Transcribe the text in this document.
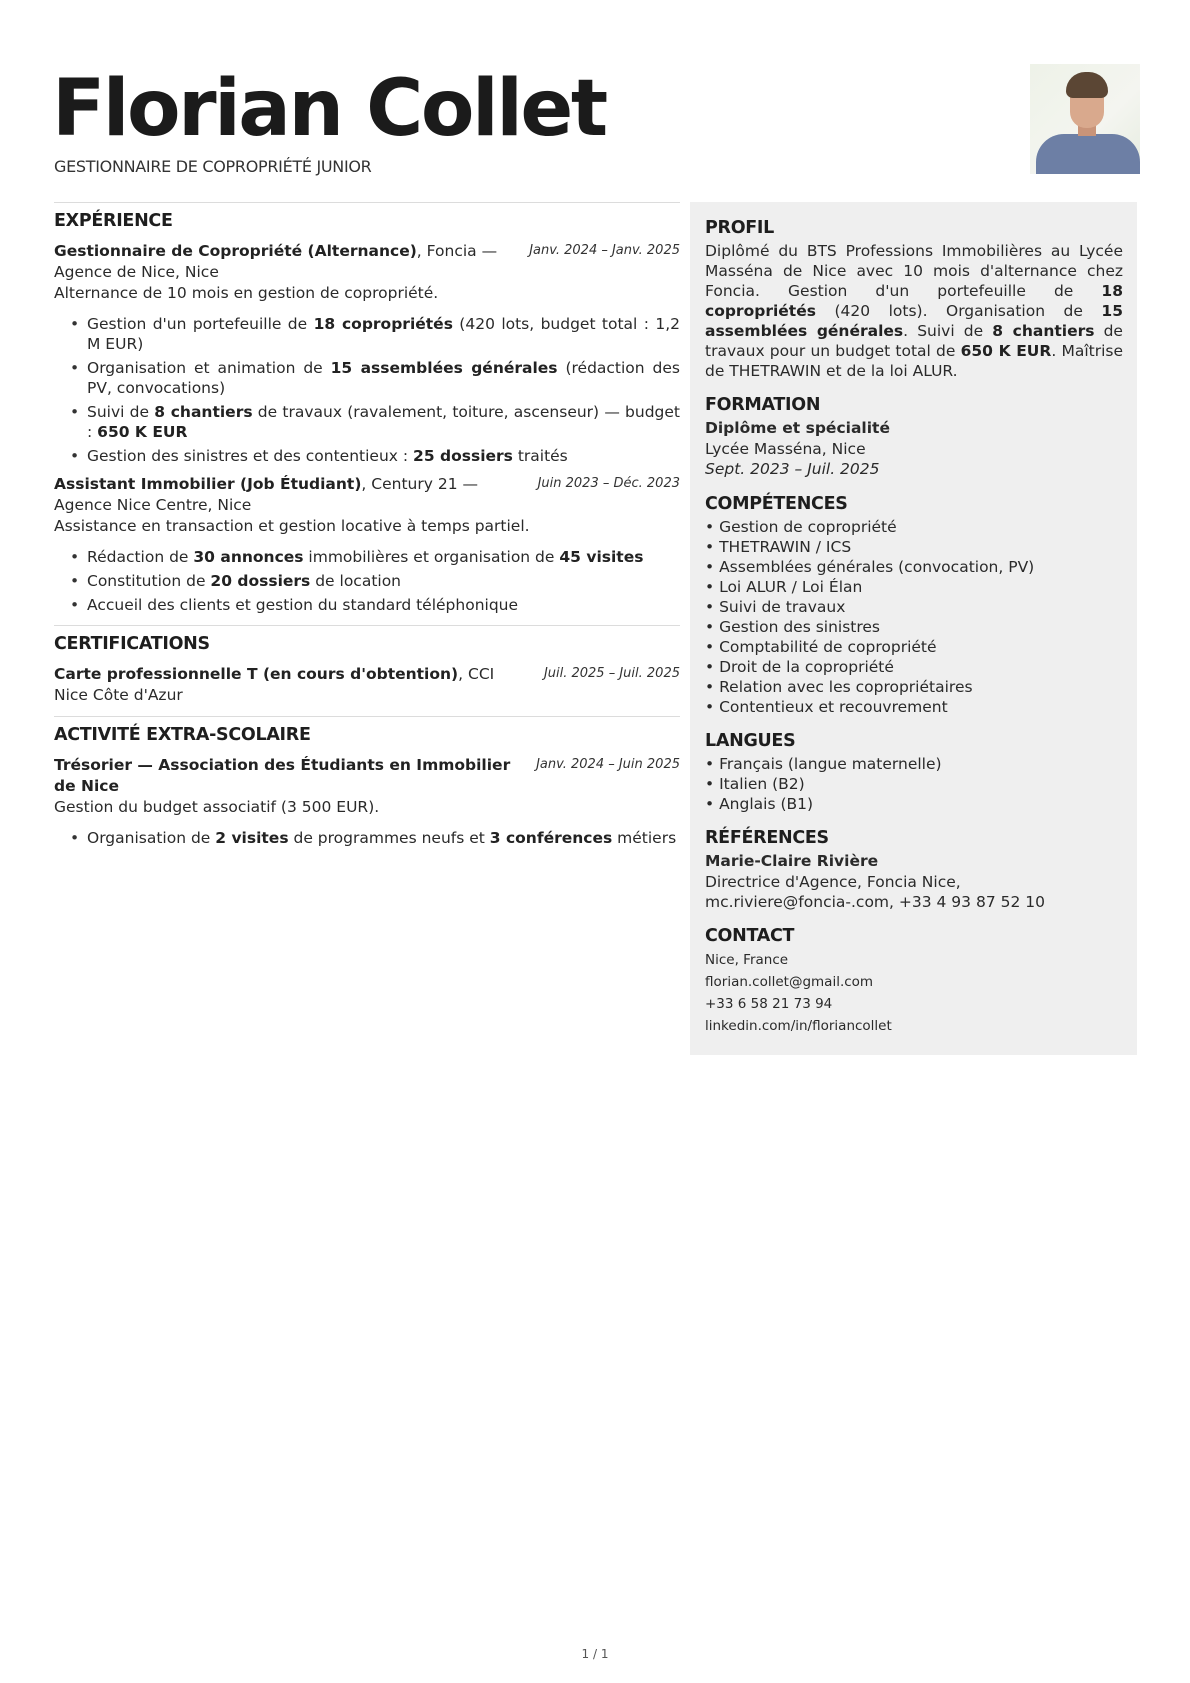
Florian Collet
GESTIONNAIRE DE COPROPRIÉTÉ JUNIOR
EXPÉRIENCE
Gestionnaire de Copropriété (Alternance), Foncia — Agence de Nice, Nice
Janv. 2024 – Janv. 2025
Alternance de 10 mois en gestion de copropriété.
• Gestion d'un portefeuille de 18 copropriétés (420 lots, budget total : 1,2 M EUR)
• Organisation et animation de 15 assemblées générales (rédaction des PV, convocations)
• Suivi de 8 chantiers de travaux (ravalement, toiture, ascenseur) — budget : 650 K EUR
• Gestion des sinistres et des contentieux : 25 dossiers traités
Assistant Immobilier (Job Étudiant), Century 21 — Agence Nice Centre, Nice
Juin 2023 – Déc. 2023
Assistance en transaction et gestion locative à temps partiel.
• Rédaction de 30 annonces immobilières et organisation de 45 visites
• Constitution de 20 dossiers de location
• Accueil des clients et gestion du standard téléphonique
CERTIFICATIONS
Carte professionnelle T (en cours d'obtention), CCI Nice Côte d'Azur
Juil. 2025 – Juil. 2025
ACTIVITÉ EXTRA-SCOLAIRE
Trésorier — Association des Étudiants en Immobilier de Nice
Janv. 2024 – Juin 2025
Gestion du budget associatif (3 500 EUR).
• Organisation de 2 visites de programmes neufs et 3 conférences métiers
PROFIL
Diplômé du BTS Professions Immobilières au Lycée Masséna de Nice avec 10 mois d'alternance chez Foncia. Gestion d'un portefeuille de 18 copropriétés (420 lots). Organisation de 15 assemblées générales. Suivi de 8 chantiers de travaux pour un budget total de 650 K EUR. Maîtrise de THETRAWIN et de la loi ALUR.
FORMATION
Diplôme et spécialité
Lycée Masséna, Nice
Sept. 2023 – Juil. 2025
COMPÉTENCES
• Gestion de copropriété
• THETRAWIN / ICS
• Assemblées générales (convocation, PV)
• Loi ALUR / Loi Élan
• Suivi de travaux
• Gestion des sinistres
• Comptabilité de copropriété
• Droit de la copropriété
• Relation avec les copropriétaires
• Contentieux et recouvrement
LANGUES
• Français (langue maternelle)
• Italien (B2)
• Anglais (B1)
RÉFÉRENCES
Marie-Claire Rivière
Directrice d'Agence, Foncia Nice, mc.riviere@foncia-.com, +33 4 93 87 52 10
CONTACT
Nice, France
florian.collet@gmail.com
+33 6 58 21 73 94
linkedin.com/in/floriancollet
1 / 1
